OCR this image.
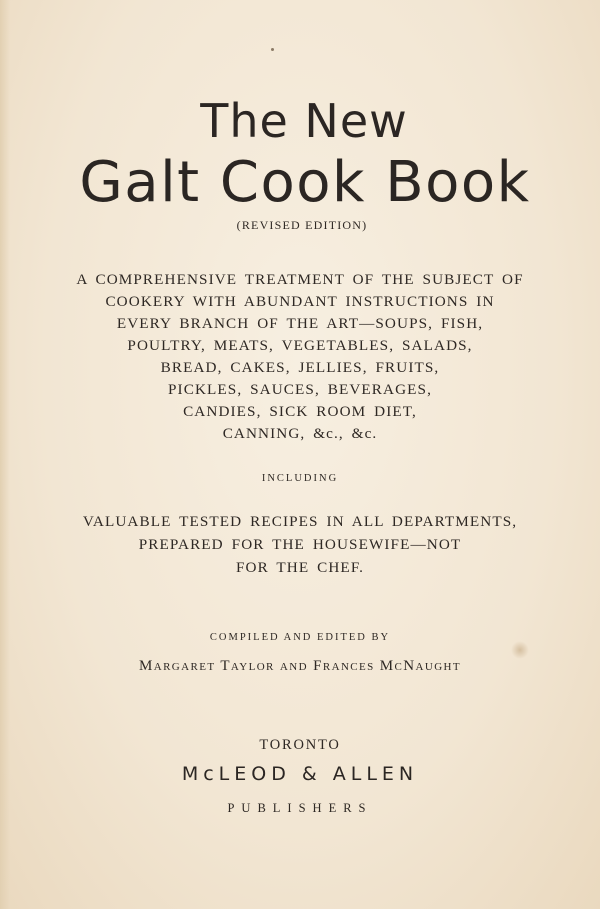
The New
Galt Cook Book
(REVISED EDITION)
A COMPREHENSIVE TREATMENT OF THE SUBJECT OF
COOKERY WITH ABUNDANT INSTRUCTIONS IN
EVERY BRANCH OF THE ART—SOUPS, FISH,
POULTRY, MEATS, VEGETABLES, SALADS,
BREAD, CAKES, JELLIES, FRUITS,
PICKLES, SAUCES, BEVERAGES,
CANDIES, SICK ROOM DIET,
CANNING, &c., &c.
INCLUDING
VALUABLE TESTED RECIPES IN ALL DEPARTMENTS,
PREPARED FOR THE HOUSEWIFE—NOT
FOR THE CHEF.
COMPILED AND EDITED BY
Margaret Taylor and Frances McNaught
TORONTO
McLEOD & ALLEN
PUBLISHERS
